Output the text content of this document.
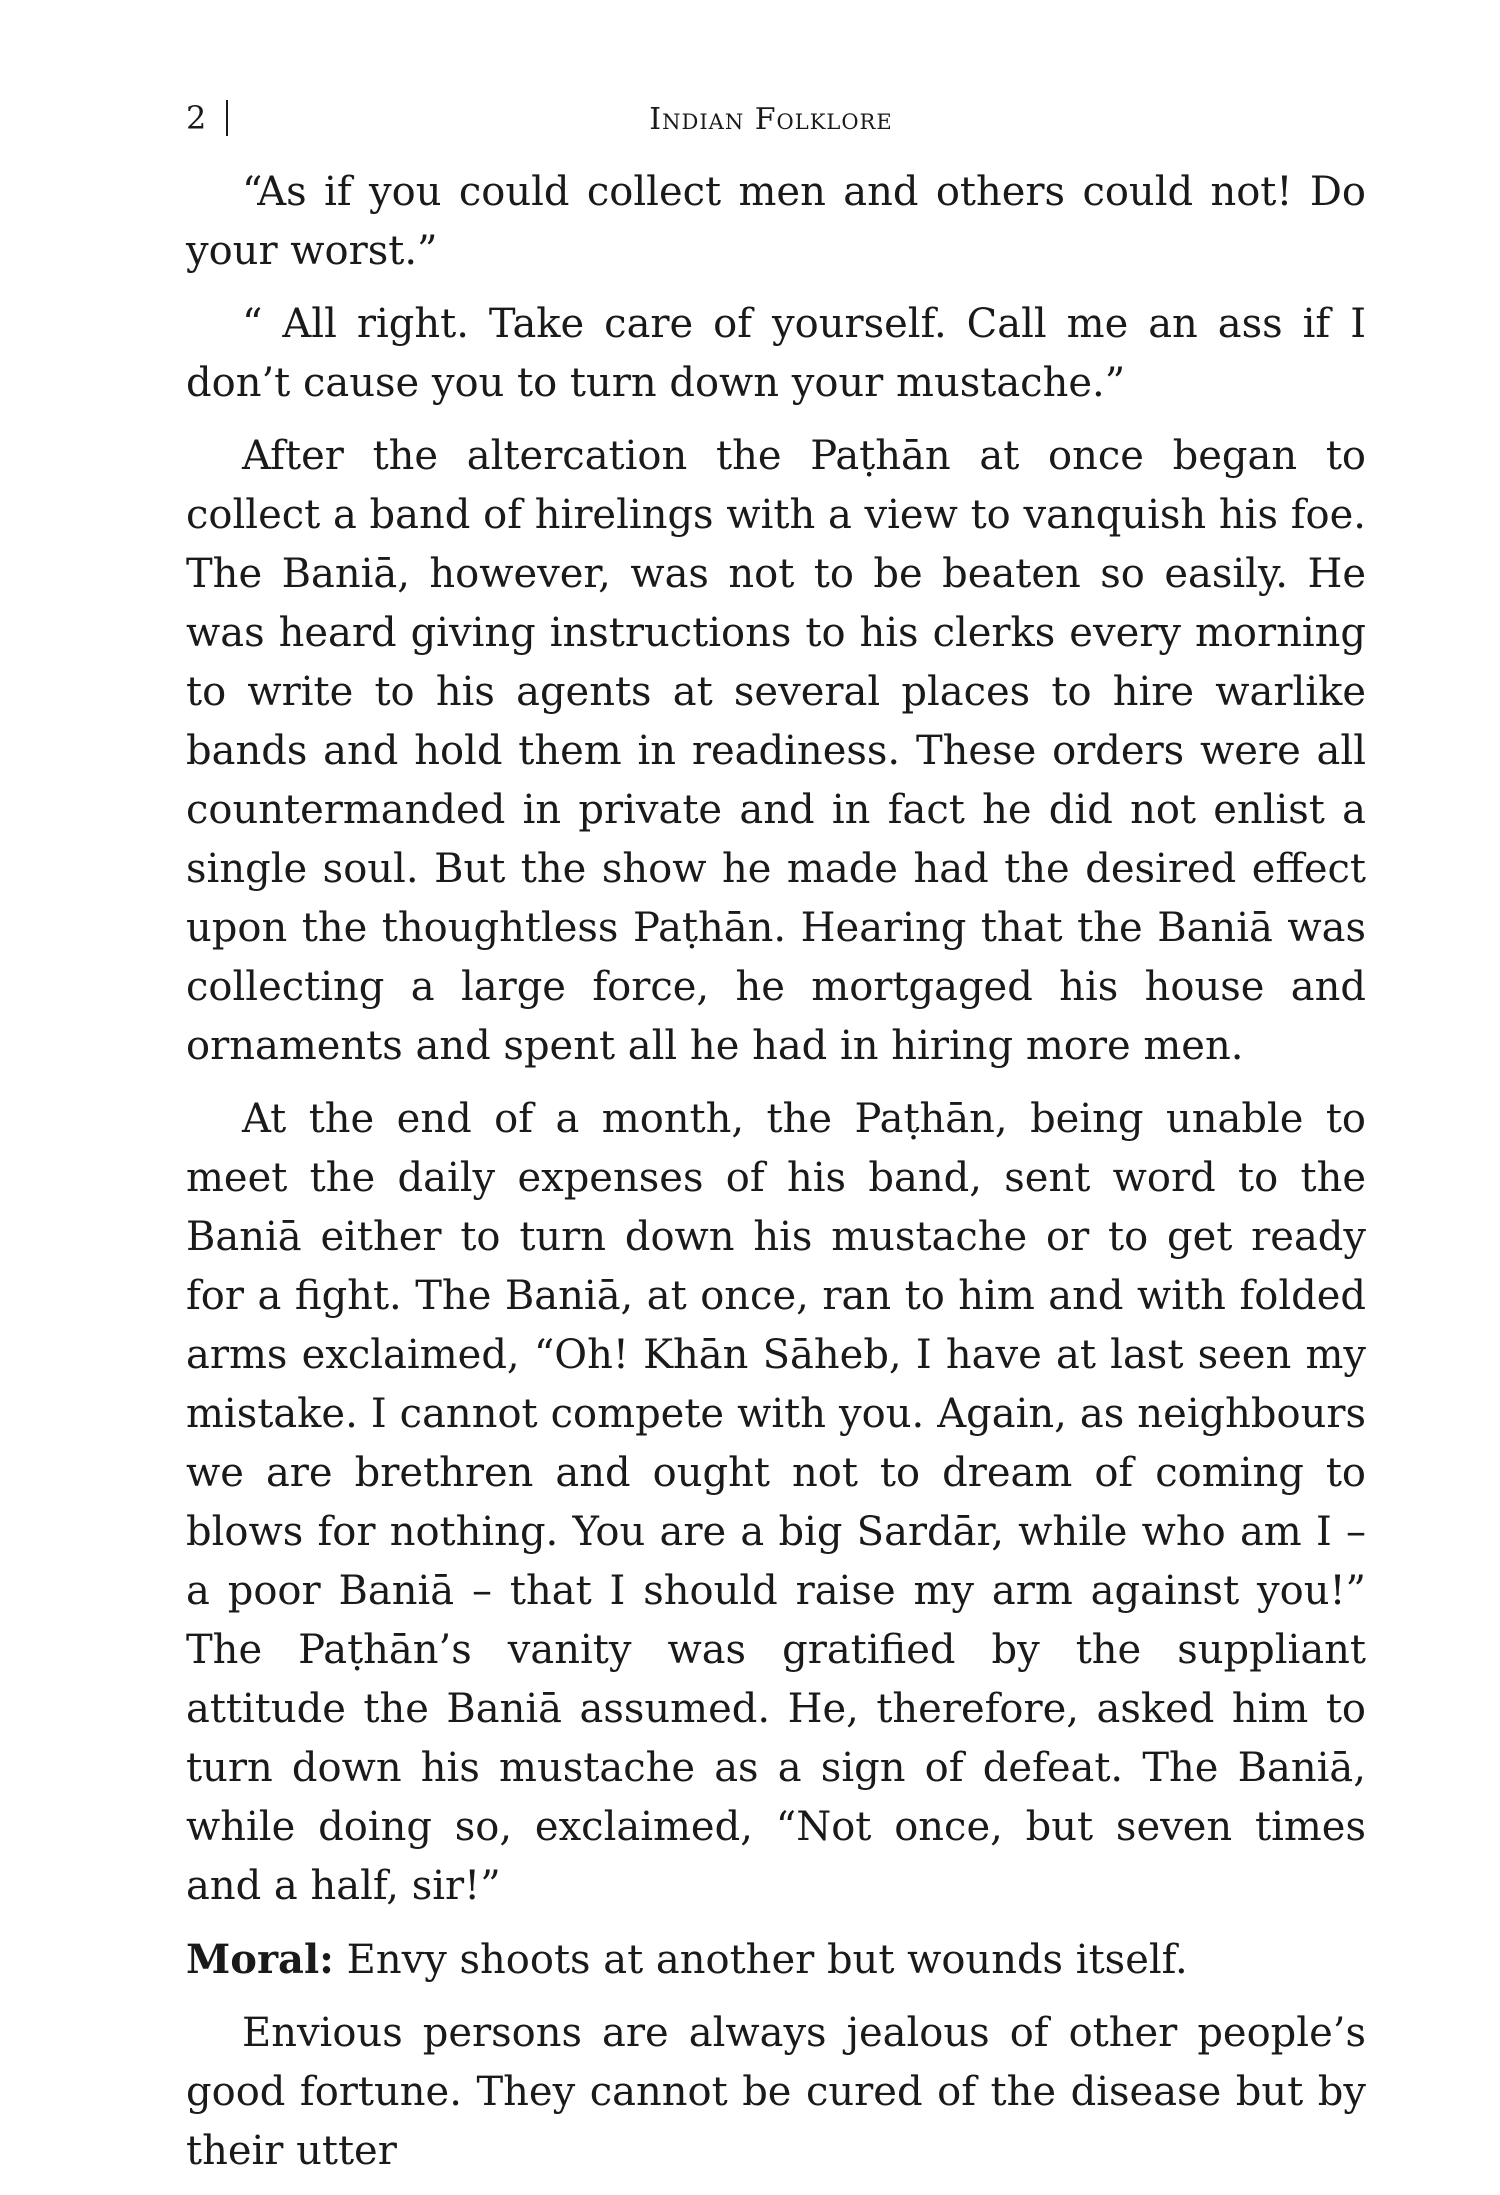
2	Indian Folklore

“As if you could collect men and others could not! Do your worst.”

“ All right. Take care of yourself. Call me an ass if I don’t cause you to turn down your mustache.”

After the altercation the Paṭhān at once began to collect a band of hirelings with a view to vanquish his foe. The Baniā, however, was not to be beaten so easily. He was heard giving instructions to his clerks every morning to write to his agents at several places to hire warlike bands and hold them in readiness. These orders were all countermanded in private and in fact he did not enlist a single soul. But the show he made had the desired effect upon the thoughtless Paṭhān. Hearing that the Baniā was collecting a large force, he mortgaged his house and ornaments and spent all he had in hiring more men.

At the end of a month, the Paṭhān, being unable to meet the daily expenses of his band, sent word to the Baniā either to turn down his mustache or to get ready for a fight. The Baniā, at once, ran to him and with folded arms exclaimed, “Oh! Khān Sāheb, I have at last seen my mistake. I cannot compete with you. Again, as neighbours we are brethren and ought not to dream of coming to blows for nothing. You are a big Sardār, while who am I – a poor Baniā – that I should raise my arm against you!” The Paṭhān’s vanity was gratified by the suppliant attitude the Baniā assumed. He, therefore, asked him to turn down his mustache as a sign of defeat. The Baniā, while doing so, exclaimed, “Not once, but seven times and a half, sir!”

Moral: Envy shoots at another but wounds itself.

Envious persons are always jealous of other people’s good fortune. They cannot be cured of the disease but by their utter
